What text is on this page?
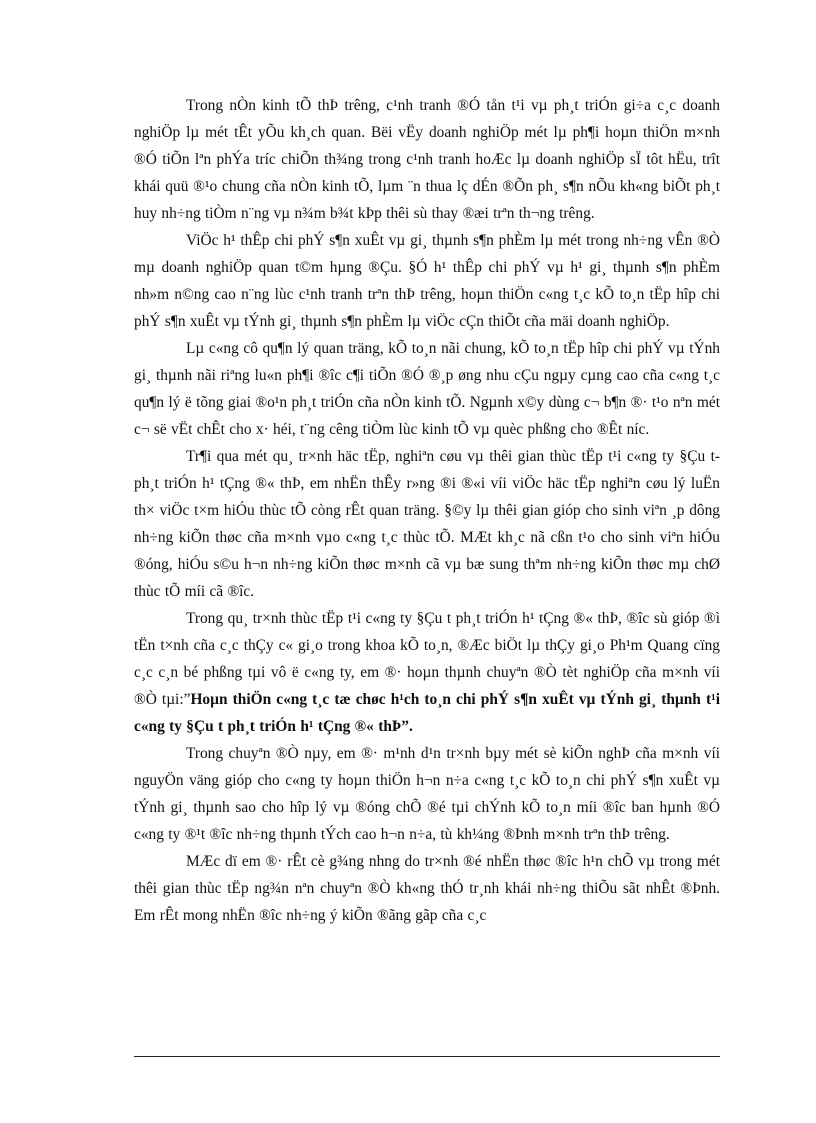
Trong nÒn kinh tÕ thÞ trêng, c¹nh tranh ®Ó tån t¹i vµ ph¸t triÓn gi÷a c¸c doanh nghiÖp lµ mét tÊt yÕu kh¸ch quan. Bëi vËy doanh nghiÖp mét lµ ph¶i hoµn thiÖn m×nh ®Ó tiÕn lªn phÝa tríc chiÕn th¾ng trong c¹nh tranh hoÆc lµ doanh nghiÖp sÏ tôt hËu, trît khái quü ®¹o chung cña nÒn kinh tÕ, lµm ¨n thua lç dÉn ®Õn ph¸ s¶n nÕu kh«ng biÕt ph¸t huy nh÷ng tiÒm n¨ng vµ n¾m b¾t kÞp thêi sù thay ®æi trªn th¬ng trêng.

ViÖc h¹ thÊp chi phÝ s¶n xuÊt vµ gi¸ thµnh s¶n phÈm lµ mét trong nh÷ng vÊn ®Ò mµ doanh nghiÖp quan t©m hµng ®Çu. §Ó h¹ thÊp chi phÝ vµ h¹ gi¸ thµnh s¶n phÈm nh»m n©ng cao n¨ng lùc c¹nh tranh trªn thÞ trêng, hoµn thiÖn c«ng t¸c kÕ to¸n tËp hîp chi phÝ s¶n xuÊt vµ tÝnh gi¸ thµnh s¶n phÈm lµ viÖc cÇn thiÕt cña mäi doanh nghiÖp.

Lµ c«ng cô qu¶n lý quan träng, kÕ to¸n nãi chung, kÕ to¸n tËp hîp chi phÝ vµ tÝnh gi¸ thµnh nãi riªng lu«n ph¶i ®îc c¶i tiÕn ®Ó ®¸p øng nhu cÇu ngµy cµng cao cña c«ng t¸c qu¶n lý ë tõng giai ®o¹n ph¸t triÓn cña nÒn kinh tÕ. Ngµnh x©y dùng c¬ b¶n ®· t¹o nªn mét c¬ së vËt chÊt cho x· héi, t¨ng cêng tiÒm lùc kinh tÕ vµ quèc phßng cho ®Êt níc.

Tr¶i qua mét qu¸ tr×nh häc tËp, nghiªn cøu vµ thêi gian thùc tËp t¹i c«ng ty §Çu t ph¸t triÓn h¹ tÇng ®« thÞ, em nhËn thÊy r»ng ®i ®«i víi viÖc häc tËp nghiªn cøu lý luËn th× viÖc t×m hiÓu thùc tÕ còng rÊt quan träng. §©y lµ thêi gian gióp cho sinh viªn ¸p dông nh÷ng kiÕn thøc cña m×nh vµo c«ng t¸c thùc tÕ. MÆt kh¸c nã cßn t¹o cho sinh viªn hiÓu ®óng, hiÓu s©u h¬n nh÷ng kiÕn thøc m×nh cã vµ bæ sung thªm nh÷ng kiÕn thøc mµ chØ thùc tÕ míi cã ®îc.

Trong qu¸ tr×nh thùc tËp t¹i c«ng ty §Çu t ph¸t triÓn h¹ tÇng ®« thÞ, ®îc sù gióp ®ì tËn t×nh cña c¸c thÇy c« gi¸o trong khoa kÕ to¸n, ®Æc biÖt lµ thÇy gi¸o Ph¹m Quang cïng c¸c c¸n bé phßng tµi vô ë c«ng ty, em ®· hoµn thµnh chuyªn ®Ò tèt nghiÖp cña m×nh víi ®Ò tµi:”Hoµn thiÖn c«ng t¸c tæ chøc h¹ch to¸n chi phÝ s¶n xuÊt vµ tÝnh gi¸ thµnh t¹i c«ng ty §Çu t ph¸t triÓn h¹ tÇng ®« thÞ”.

Trong chuyªn ®Ò nµy, em ®· m¹nh d¹n tr×nh bµy mét sè kiÕn nghÞ cña m×nh víi nguyÖn väng gióp cho c«ng ty hoµn thiÖn h¬n n÷a c«ng t¸c kÕ to¸n chi phÝ s¶n xuÊt vµ tÝnh gi¸ thµnh sao cho hîp lý vµ ®óng chÕ ®é tµi chÝnh kÕ to¸n míi ®îc ban hµnh ®Ó c«ng ty ®¹t ®îc nh÷ng thµnh tÝch cao h¬n n÷a, tù kh¼ng ®Þnh m×nh trªn thÞ trêng.

MÆc dï em ®· rÊt cè g¾ng nhng do tr×nh ®é nhËn thøc ®îc h¹n chÕ vµ trong mét thêi gian thùc tËp ng¾n nªn chuyªn ®Ò kh«ng thÓ tr¸nh khái nh÷ng thiÕu sãt nhÊt ®Þnh. Em rÊt mong nhËn ®îc nh÷ng ý kiÕn ®ãng gãp cña c¸c
